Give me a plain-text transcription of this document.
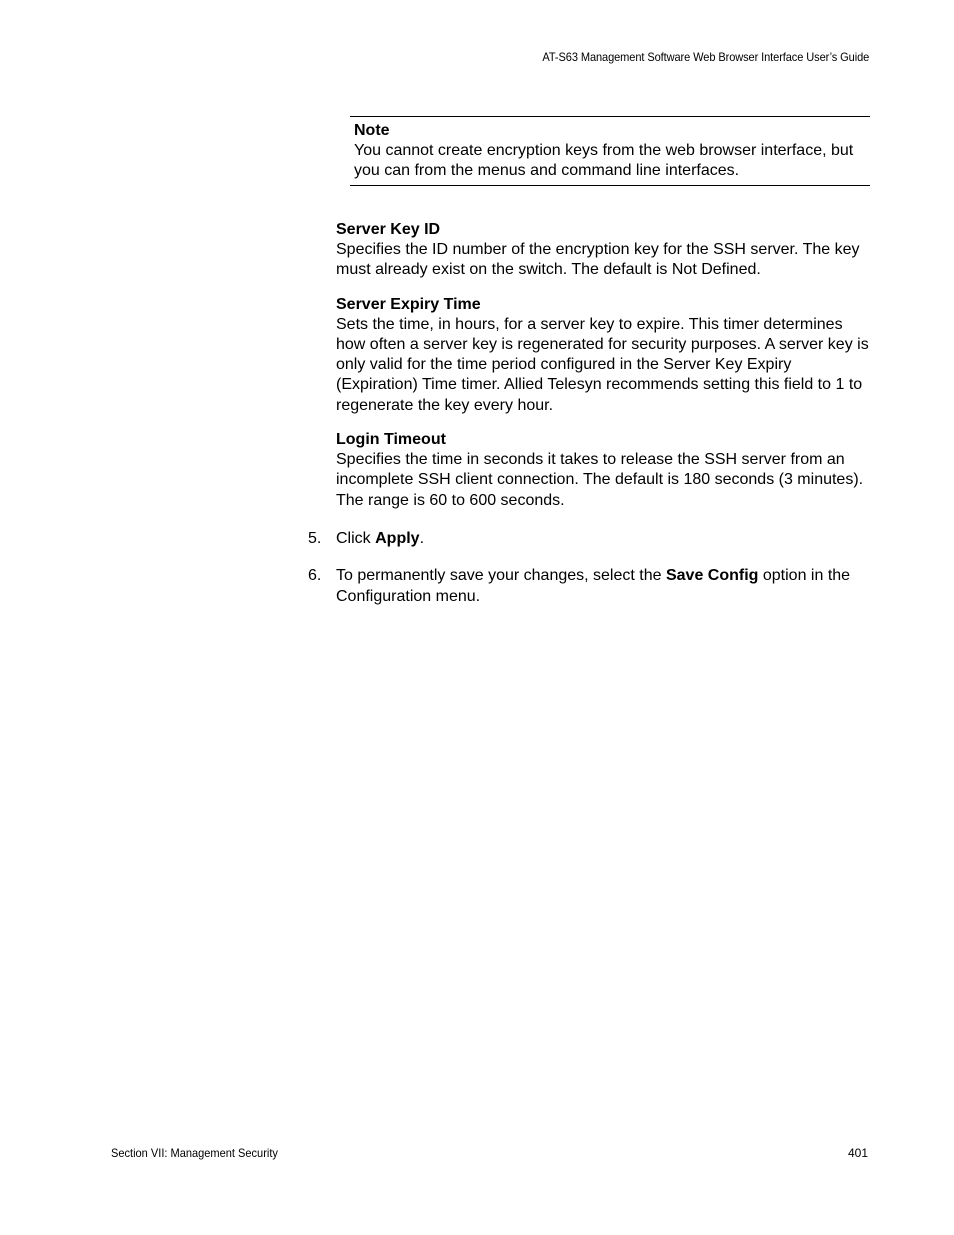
AT-S63 Management Software Web Browser Interface User’s Guide
Note
You cannot create encryption keys from the web browser interface, but you can from the menus and command line interfaces.
Server Key ID
Specifies the ID number of the encryption key for the SSH server. The key must already exist on the switch. The default is Not Defined.
Server Expiry Time
Sets the time, in hours, for a server key to expire. This timer determines how often a server key is regenerated for security purposes. A server key is only valid for the time period configured in the Server Key Expiry (Expiration) Time timer. Allied Telesyn recommends setting this field to 1 to regenerate the key every hour.
Login Timeout
Specifies the time in seconds it takes to release the SSH server from an incomplete SSH client connection. The default is 180 seconds (3 minutes). The range is 60 to 600 seconds.
5. Click Apply.
6. To permanently save your changes, select the Save Config option in the Configuration menu.
Section VII: Management Security	401
